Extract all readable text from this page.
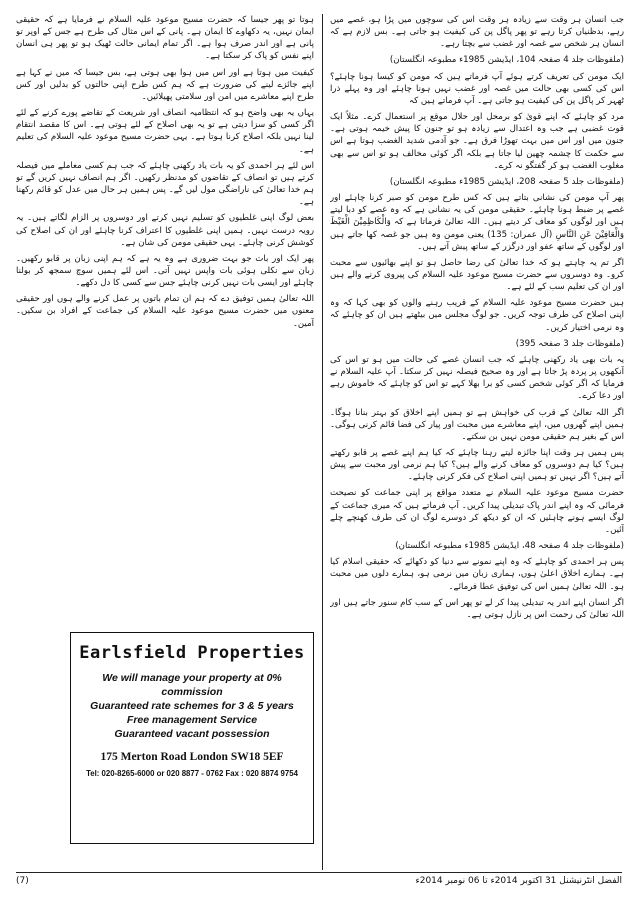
جب انسان ہر وقت سے زیادہ ہر وقت اس کی سوچوں میں پڑا ہو، غصے میں رہے، بدظنیاں کرتا رہے تو پھر پاگل پن کی کیفیت ہو جاتی ہے۔ بس لازم ہے کہ انسان ہر شخص سے غصہ اور غضب سے بچتا رہے۔

(ملفوظات جلد 4 صفحہ 104، ایڈیشن 1985ء مطبوعہ انگلستان)

ایک مومن کی تعریف کرتے ہوئے آپ فرماتے ہیں کہ مومن کو کیسا ہونا چاہئے؟ اس کی کسی بھی حالت میں غصہ اور غضب نہیں ہونا چاہئے اور وہ پہلے ذرا ٹھہر کر پاگل پن کی کیفیت ہو جاتی ہے۔ آپ فرماتے ہیں کہ

مرد کو چاہئے کہ اپنے قویٰ کو برمحل اور حلال موقع پر استعمال کرے۔ مثلاً ایک قوت غضبی ہے جب وہ اعتدال سے زیادہ ہو تو جنون کا پیش خیمہ ہوتی ہے۔ جنون میں اور اس میں بہت تھوڑا فرق ہے۔ جو آدمی شدید الغضب ہوتا ہے اس سے حکمت کا چشمہ چھین لیا جاتا ہے بلکہ اگر کوئی مخالف ہو تو اس سے بھی مغلوب الغضب ہو کر گفتگو نہ کرے۔

(ملفوظات جلد 5 صفحہ 208، ایڈیشن 1985ء مطبوعہ انگلستان)

پھر آپ مومن کی نشانی بتاتے ہیں کہ کس طرح مومن کو صبر کرنا چاہئے اور غصے پر ضبط ہونا چاہئے۔ حقیقی مومن کی یہ نشانی ہے کہ وہ غصے کو دبا لیتے ہیں اور لوگوں کو معاف کر دیتے ہیں۔ اللہ تعالیٰ فرماتا ہے کہ وَالْکَاظِمِیْنَ الْغَیْظَ وَالْعَافِیْنَ عَنِ النَّاسِ (آل عمران: 135) یعنی مومن وہ ہیں جو غصہ کھا جاتے ہیں اور لوگوں کے ساتھ عفو اور درگزر کے ساتھ پیش آتے ہیں۔

اگر تم یہ چاہتے ہو کہ خدا تعالیٰ کی رضا حاصل ہو تو اپنے بھائیوں سے محبت کرو۔ وہ دوسروں سے حضرت مسیح موعود علیہ السلام کی پیروی کرنے والے ہیں اور ان کی تعلیم سب کے لئے ہے۔

ہیں حضرت مسیح موعود علیہ السلام کے قریب رہنے والوں کو بھی کہا کہ وہ اپنی اصلاح کی طرف توجہ کریں۔ جو لوگ مجلس میں بیٹھتے ہیں ان کو چاہئے کہ وہ نرمی اختیار کریں۔

(ملفوظات جلد 3 صفحہ 395)

یہ بات بھی یاد رکھنی چاہئے کہ جب انسان غصے کی حالت میں ہو تو اس کی آنکھوں پر پردہ پڑ جاتا ہے اور وہ صحیح فیصلہ نہیں کر سکتا۔ آپ علیہ السلام نے فرمایا کہ اگر کوئی شخص کسی کو برا بھلا کہے تو اس کو چاہئے کہ خاموش رہے اور دعا کرے۔

اگر اللہ تعالیٰ کے قرب کی خواہش ہے تو ہمیں اپنے اخلاق کو بہتر بنانا ہوگا۔ ہمیں اپنے گھروں میں، اپنے معاشرے میں محبت اور پیار کی فضا قائم کرنی ہوگی۔ اس کے بغیر ہم حقیقی مومن نہیں بن سکتے۔

پس ہمیں ہر وقت اپنا جائزہ لیتے رہنا چاہئے کہ کیا ہم اپنے غصے پر قابو رکھتے ہیں؟ کیا ہم دوسروں کو معاف کرنے والے ہیں؟ کیا ہم نرمی اور محبت سے پیش آتے ہیں؟ اگر نہیں تو ہمیں اپنی اصلاح کی فکر کرنی چاہئے۔

حضرت مسیح موعود علیہ السلام نے متعدد مواقع پر اپنی جماعت کو نصیحت فرمائی کہ وہ اپنے اندر پاک تبدیلی پیدا کریں۔ آپ فرماتے ہیں کہ میری جماعت کے لوگ ایسے ہونے چاہئیں کہ ان کو دیکھ کر دوسرے لوگ ان کی طرف کھنچے چلے آئیں۔

(ملفوظات جلد 4 صفحہ 48، ایڈیشن 1985ء مطبوعہ انگلستان)

پس ہر احمدی کو چاہئے کہ وہ اپنے نمونے سے دنیا کو دکھائے کہ حقیقی اسلام کیا ہے۔ ہمارے اخلاق اعلیٰ ہوں، ہماری زبان میں نرمی ہو، ہمارے دلوں میں محبت ہو۔ اللہ تعالیٰ ہمیں اس کی توفیق عطا فرمائے۔

اگر انسان اپنے اندر یہ تبدیلی پیدا کر لے تو پھر اس کے سب کام سنور جاتے ہیں اور اللہ تعالیٰ کی رحمت اس پر نازل ہوتی ہے۔

ہوتا تو پھر جیسا کہ حضرت مسیح موعود علیہ السلام نے فرمایا ہے کہ حقیقی ایمان نہیں، یہ دکھاوے کا ایمان ہے۔ پانی کے اس مثال کی طرح ہے جس کے اوپر تو پانی ہے اور اندر صرف ہوا ہے۔ اگر تمام ایمانی حالت ٹھیک ہو تو پھر ہی انسان اپنے نفس کو پاک کر سکتا ہے۔

کیفیت میں ہوتا ہے اور اس میں ہوا بھی ہوتی ہے، بس جیسا کہ میں نے کہا ہے اپنے جائزے لینے کی ضرورت ہے کہ ہم کس طرح اپنی حالتوں کو بدلیں اور کس طرح اپنے معاشرے میں امن اور سلامتی پھیلائیں۔

یہاں یہ بھی واضح ہو کہ انتظامیہ انصاف اور شریعت کے تقاضے پورے کرنے کے لئے اگر کسی کو سزا دیتی ہے تو یہ بھی اصلاح کے لئے ہوتی ہے۔ اس کا مقصد انتقام لینا نہیں بلکہ اصلاح کرنا ہوتا ہے۔ یہی حضرت مسیح موعود علیہ السلام کی تعلیم ہے۔

اس لئے ہر احمدی کو یہ بات یاد رکھنی چاہئے کہ جب ہم کسی معاملے میں فیصلہ کرتے ہیں تو انصاف کے تقاضوں کو مدنظر رکھیں۔ اگر ہم انصاف نہیں کریں گے تو ہم خدا تعالیٰ کی ناراضگی مول لیں گے۔ پس ہمیں ہر حال میں عدل کو قائم رکھنا ہے۔

بعض لوگ اپنی غلطیوں کو تسلیم نہیں کرتے اور دوسروں پر الزام لگاتے ہیں۔ یہ رویہ درست نہیں۔ ہمیں اپنی غلطیوں کا اعتراف کرنا چاہئے اور ان کی اصلاح کی کوشش کرنی چاہئے۔ یہی حقیقی مومن کی شان ہے۔

پھر ایک اور بات جو بہت ضروری ہے وہ یہ ہے کہ ہم اپنی زبان پر قابو رکھیں۔ زبان سے نکلی ہوئی بات واپس نہیں آتی۔ اس لئے ہمیں سوچ سمجھ کر بولنا چاہئے اور ایسی بات نہیں کرنی چاہئے جس سے کسی کا دل دکھے۔

اللہ تعالیٰ ہمیں توفیق دے کہ ہم ان تمام باتوں پر عمل کرنے والے ہوں اور حقیقی معنوں میں حضرت مسیح موعود علیہ السلام کی جماعت کے افراد بن سکیں۔ آمین۔

Earlsfield Properties
We will manage your property at 0% commission
Guaranteed rate schemes for 3 & 5 years
Free management Service
Guaranteed vacant possession
175 Merton Road London SW18 5EF
Tel: 020-8265-6000 or 020 8877 - 0762 Fax : 020 8874 9754
الفضل انٹرنیشنل 31 اکتوبر 2014ء تا 06 نومبر 2014ء
(7)
